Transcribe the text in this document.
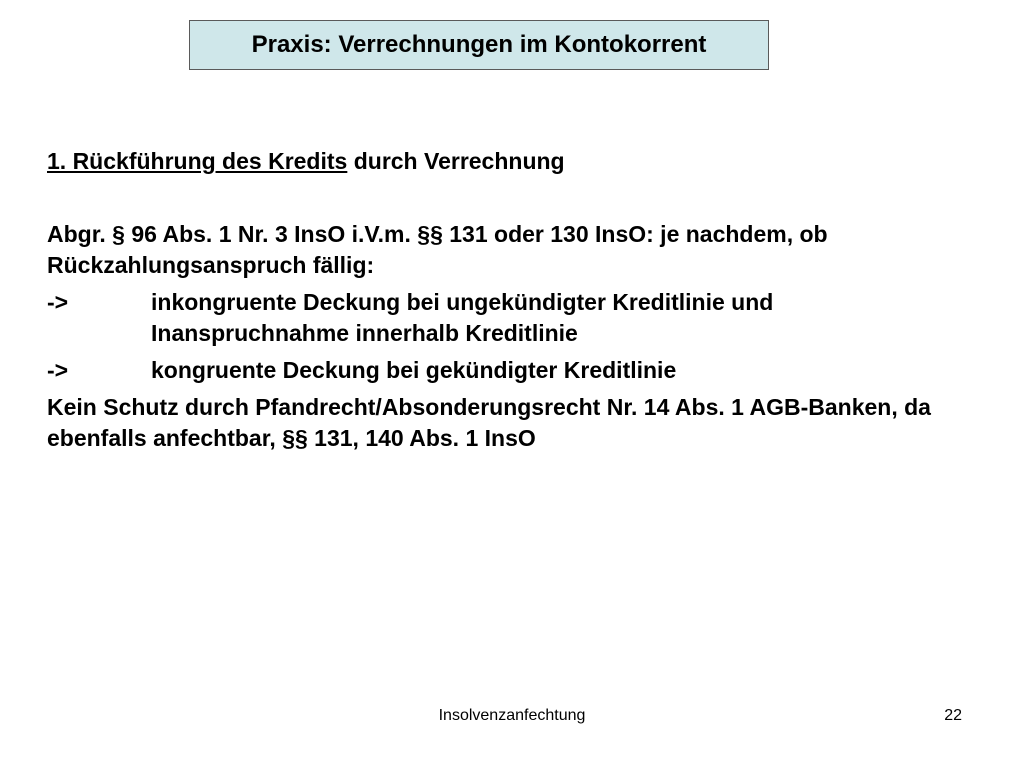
Praxis: Verrechnungen im Kontokorrent
1. Rückführung des Kredits durch Verrechnung
Abgr. § 96 Abs. 1 Nr. 3 InsO i.V.m. §§ 131 oder 130 InsO: je nachdem, ob Rückzahlungsanspruch fällig:
->	inkongruente Deckung bei ungekündigter Kreditlinie und Inanspruchnahme innerhalb Kreditlinie
->	kongruente Deckung bei gekündigter Kreditlinie
Kein Schutz durch Pfandrecht/Absonderungsrecht Nr. 14 Abs. 1 AGB-Banken, da ebenfalls anfechtbar, §§ 131, 140 Abs. 1 InsO
Insolvenzanfechtung	22
